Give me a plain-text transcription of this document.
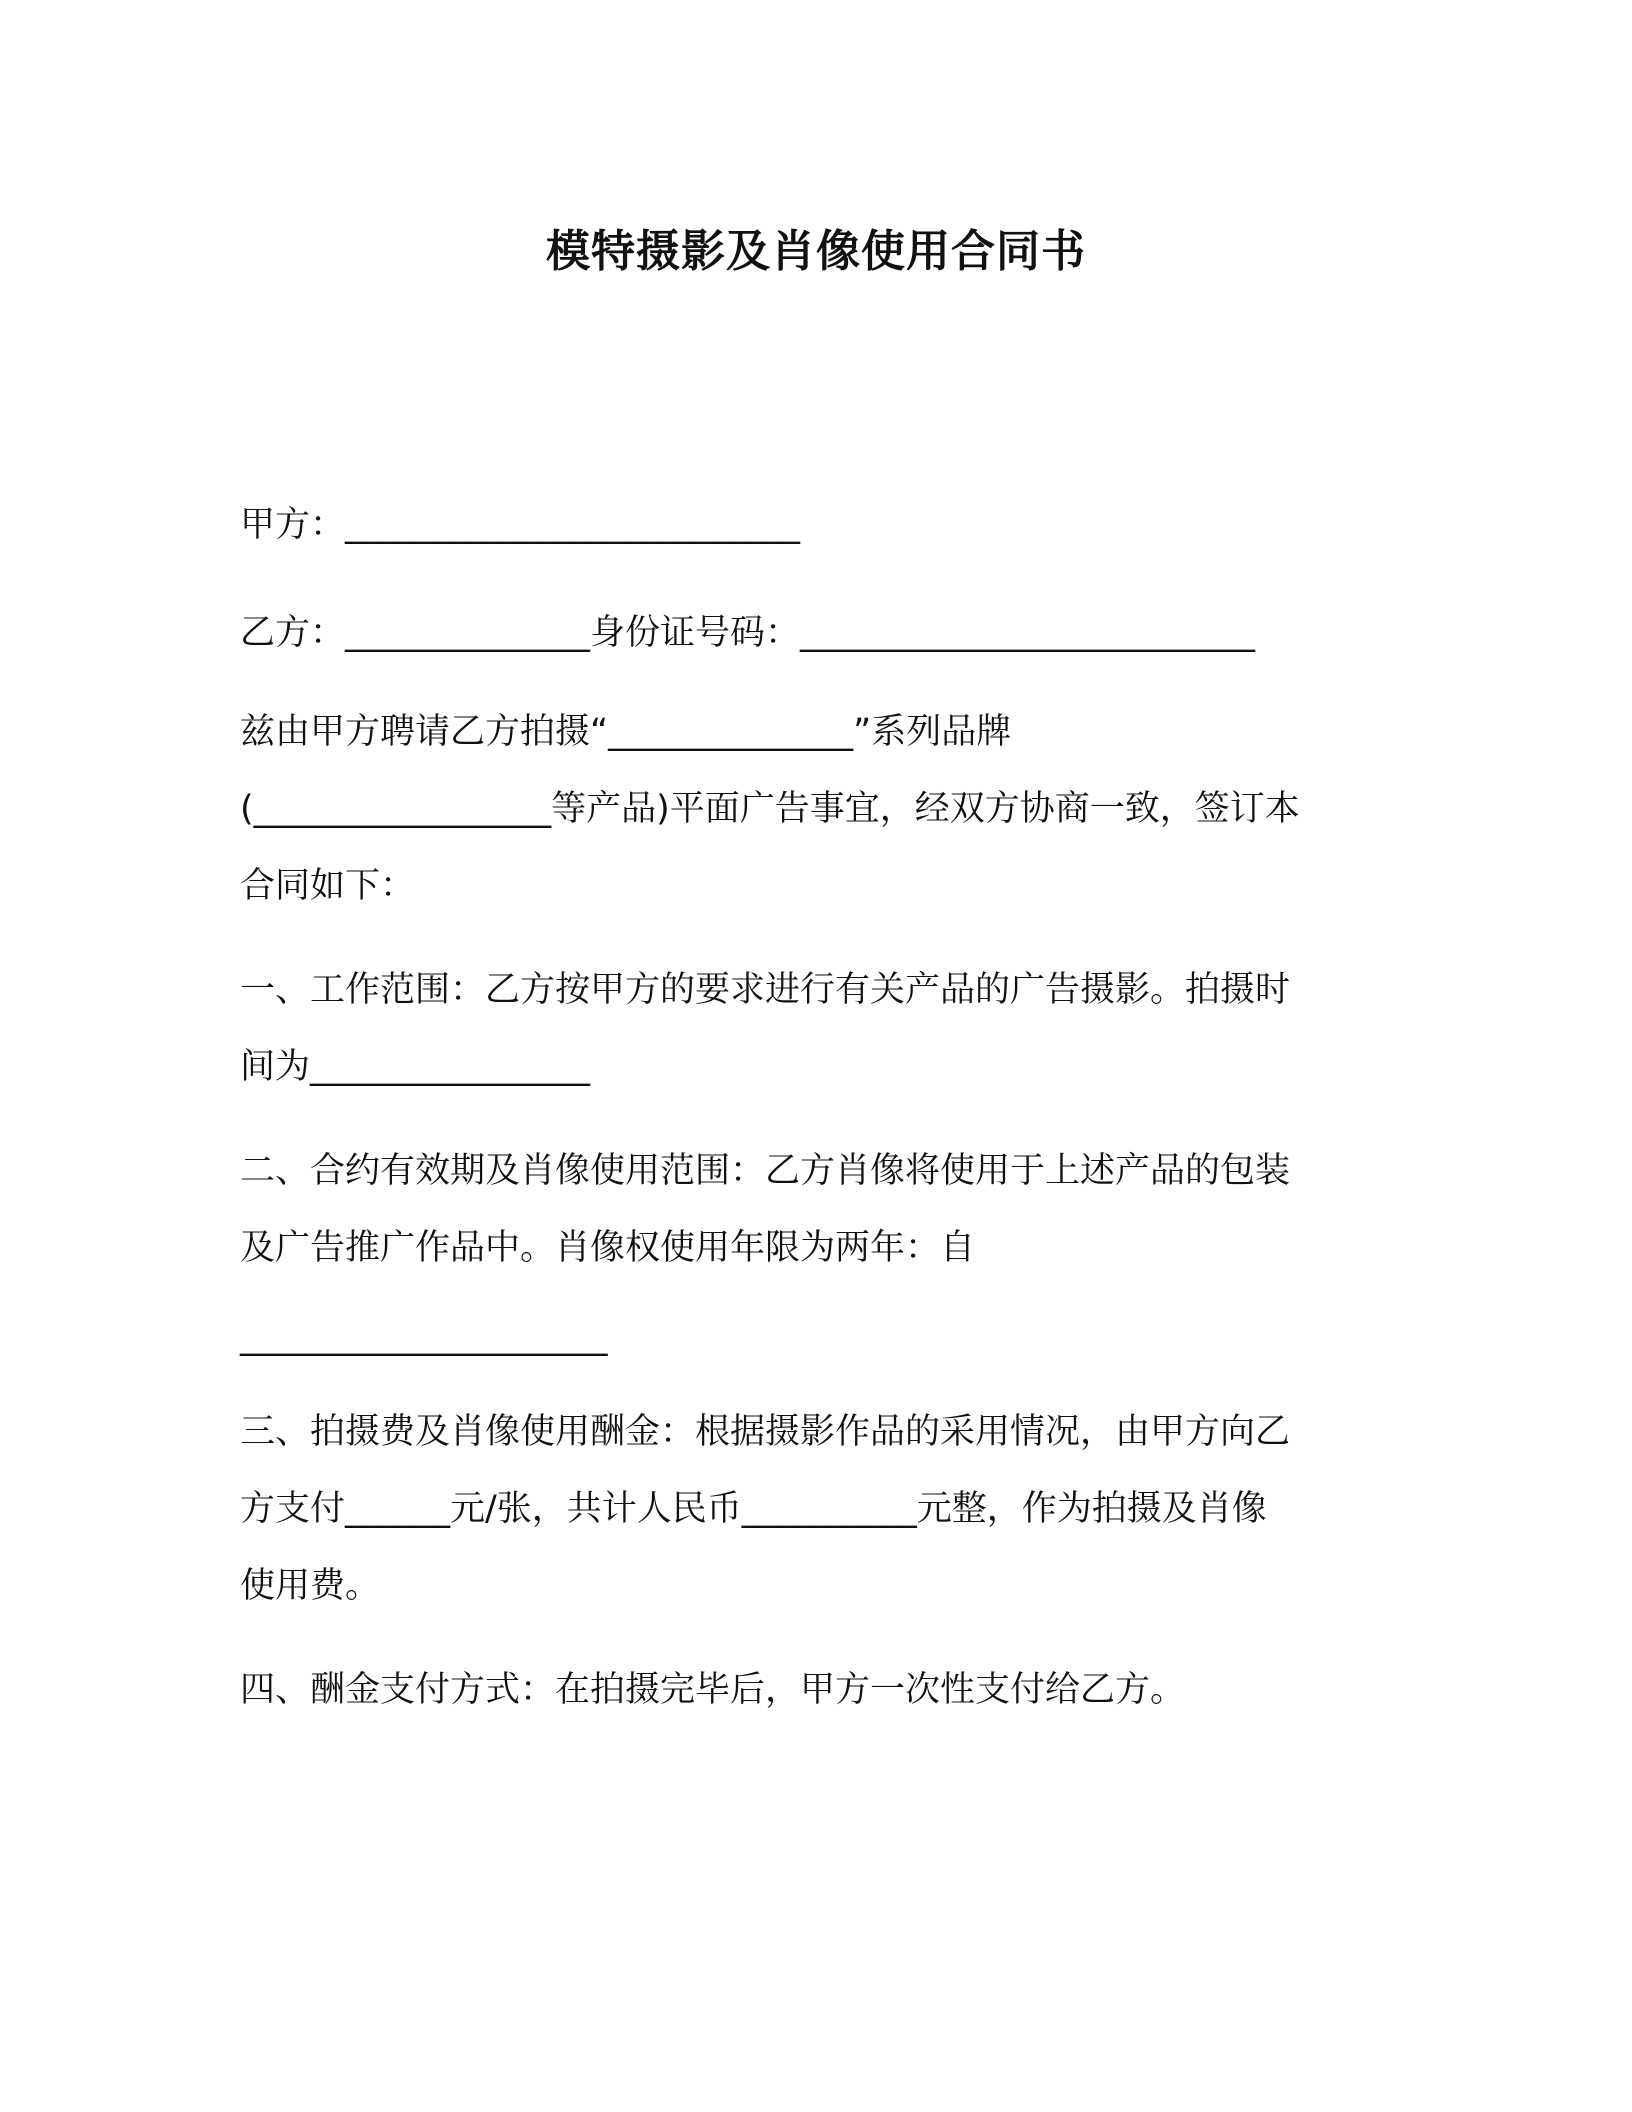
模特摄影及肖像使用合同书
甲方：__________________________
乙方：______________身份证号码：__________________________
兹由甲方聘请乙方拍摄“______________”系列品牌
(_________________等产品)平面广告事宜，经双方协商一致，签订本
合同如下：
一、工作范围：乙方按甲方的要求进行有关产品的广告摄影。拍摄时
间为________________
二、合约有效期及肖像使用范围：乙方肖像将使用于上述产品的包装
及广告推广作品中。肖像权使用年限为两年：自
_____________________
三、拍摄费及肖像使用酬金：根据摄影作品的采用情况，由甲方向乙
方支付______元/张，共计人民币__________元整，作为拍摄及肖像
使用费。
四、酬金支付方式：在拍摄完毕后，甲方一次性支付给乙方。
